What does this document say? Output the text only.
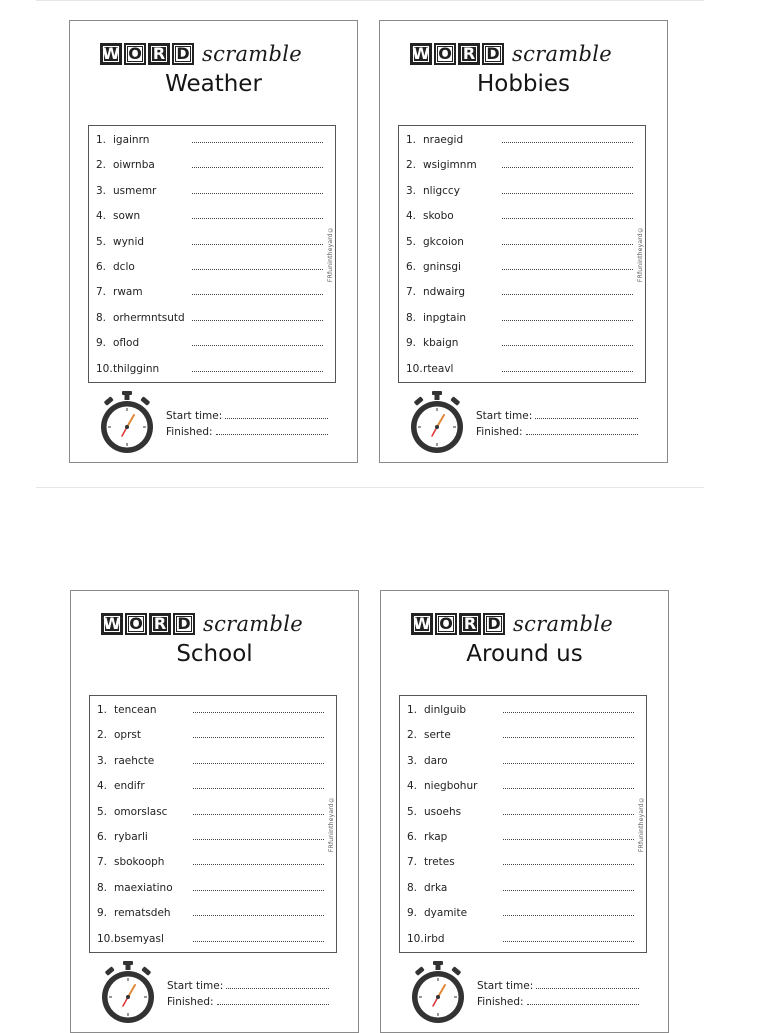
W O R D scramble
Weather
1. igainrn
2. oiwrnba
3. usmemr
4. sown
5. wynid
6. dclo
7. rwam
8. orhermntsutd
9. oflod
10. thilgginn
FRfunintheyard©
Start time:
Finished:
W O R D scramble
Hobbies
1. nraegid
2. wsigimnm
3. nligccy
4. skobo
5. gkcoion
6. gninsgi
7. ndwairg
8. inpgtain
9. kbaign
10. rteavl
FRfunintheyard©
Start time:
Finished:
W O R D scramble
School
1. tencean
2. oprst
3. raehcte
4. endifr
5. omorslasc
6. rybarli
7. sbokooph
8. maexiatino
9. rematsdeh
10. bsemyasl
FRfunintheyard©
Start time:
Finished:
W O R D scramble
Around us
1. dinlguib
2. serte
3. daro
4. niegbohur
5. usoehs
6. rkap
7. tretes
8. drka
9. dyamite
10. irbd
FRfunintheyard©
Start time:
Finished:
